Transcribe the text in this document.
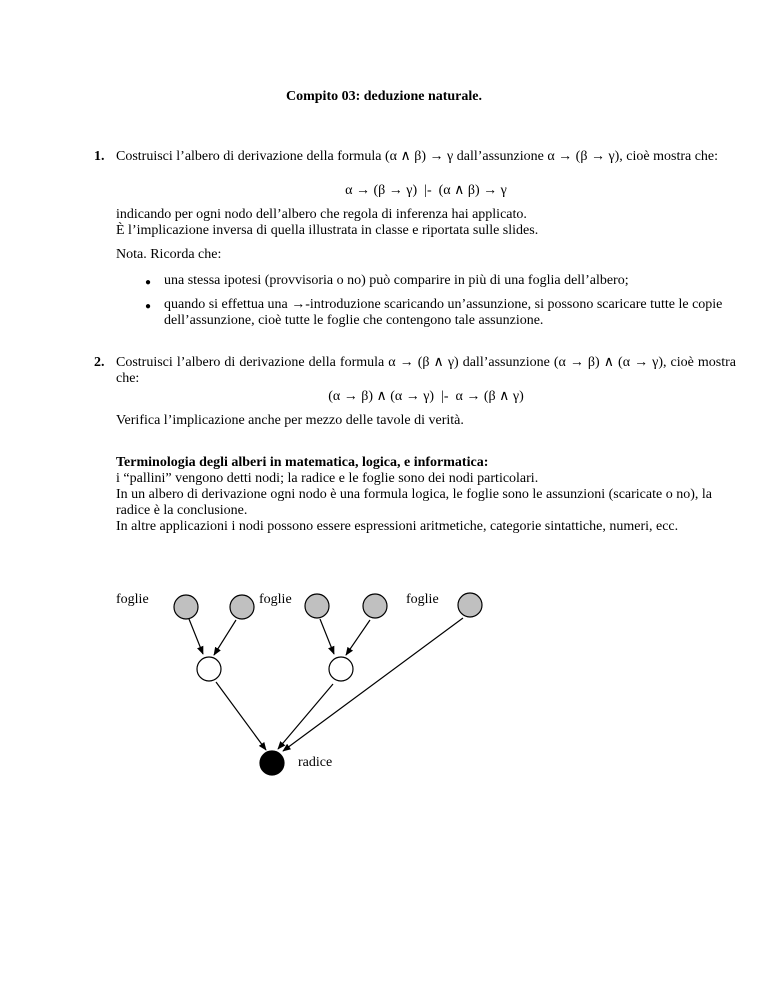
Compito 03: deduzione naturale.
1. Costruisci l’albero di derivazione della formula (α ∧ β) → γ dall’assunzione α → (β → γ), cioè mostra che:
α → (β → γ)  |-  (α ∧ β) → γ
indicando per ogni nodo dell’albero che regola di inferenza hai applicato.
È l’implicazione inversa di quella illustrata in classe e riportata sulle slides.
Nota. Ricorda che:
● una stessa ipotesi (provvisoria o no) può comparire in più di una foglia dell’albero;
● quando si effettua una →-introduzione scaricando un’assunzione, si possono scaricare tutte le copie dell’assunzione, cioè tutte le foglie che contengono tale assunzione.
2. Costruisci l’albero di derivazione della formula α → (β ∧ γ) dall’assunzione (α → β) ∧ (α → γ), cioè mostra che:
(α → β) ∧ (α → γ)  |-  α → (β ∧ γ)
Verifica l’implicazione anche per mezzo delle tavole di verità.

Terminologia degli alberi in matematica, logica, e informatica:

i “pallini” vengono detti nodi; la radice e le foglie sono dei nodi particolari.

In un albero di derivazione ogni nodo è una formula logica, le foglie sono le assunzioni (scaricate o no), la radice è la conclusione.

In altre applicazioni i nodi possono essere espressioni aritmetiche, categorie sintattiche, numeri, ecc.

foglie	foglie	foglie
radice
